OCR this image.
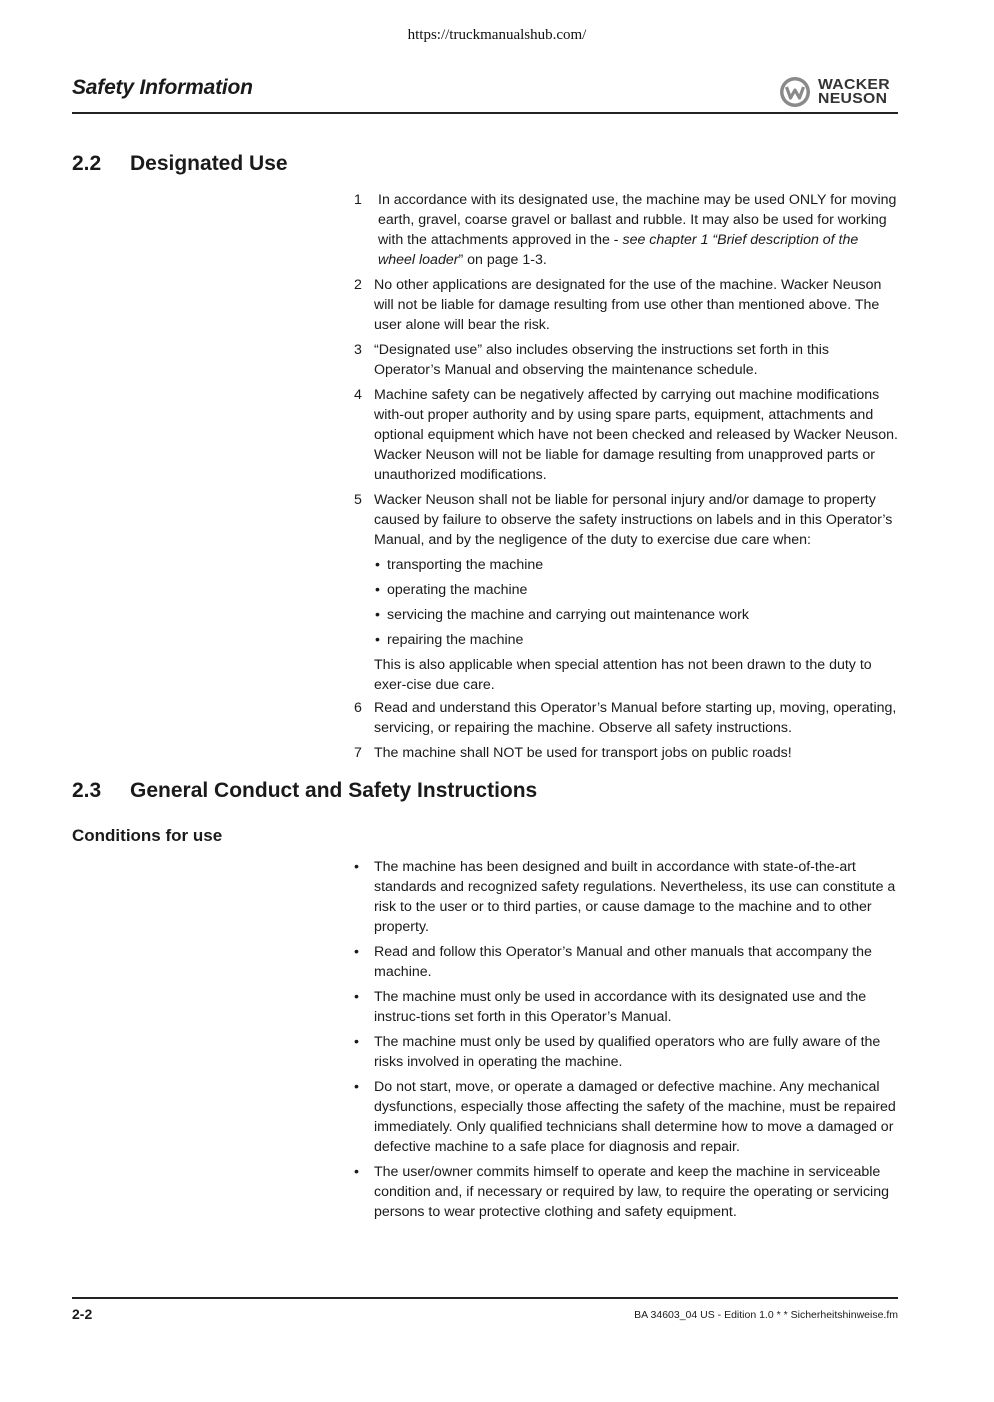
https://truckmanualshub.com/
Safety Information	WACKER
NEUSON
2.2 Designated Use
1	In accordance with its designated use, the machine may be used ONLY for moving earth, gravel, coarse gravel or ballast and rubble. It may also be used for working with the attachments approved in the - see chapter 1 “Brief description of the wheel loader” on page 1-3.
2 No other applications are designated for the use of the machine. Wacker Neuson will not be liable for damage resulting from use other than mentioned above. The user alone will bear the risk.
3 “Designated use” also includes observing the instructions set forth in this Operator’s Manual and observing the maintenance schedule.
4 Machine safety can be negatively affected by carrying out machine modifications with-out proper authority and by using spare parts, equipment, attachments and optional equipment which have not been checked and released by Wacker Neuson. Wacker Neuson will not be liable for damage resulting from unapproved parts or unauthorized modifications.
5 Wacker Neuson shall not be liable for personal injury and/or damage to property caused by failure to observe the safety instructions on labels and in this Operator’s Manual, and by the negligence of the duty to exercise due care when:
• transporting the machine
• operating the machine
• servicing the machine and carrying out maintenance work
• repairing the machine
This is also applicable when special attention has not been drawn to the duty to exer-cise due care.
6 Read and understand this Operator’s Manual before starting up, moving, operating, servicing, or repairing the machine. Observe all safety instructions.
7 The machine shall NOT be used for transport jobs on public roads!
2.3 General Conduct and Safety Instructions
Conditions for use
•	The machine has been designed and built in accordance with state-of-the-art standards and recognized safety regulations. Nevertheless, its use can constitute a risk to the user or to third parties, or cause damage to the machine and to other property.
•	Read and follow this Operator’s Manual and other manuals that accompany the machine.
•	The machine must only be used in accordance with its designated use and the instruc-tions set forth in this Operator’s Manual.
•	The machine must only be used by qualified operators who are fully aware of the risks involved in operating the machine.
•	Do not start, move, or operate a damaged or defective machine. Any mechanical dysfunctions, especially those affecting the safety of the machine, must be repaired immediately. Only qualified technicians shall determine how to move a damaged or defective machine to a safe place for diagnosis and repair.
•	The user/owner commits himself to operate and keep the machine in serviceable condition and, if necessary or required by law, to require the operating or servicing persons to wear protective clothing and safety equipment.
2-2	BA 34603_04 US - Edition 1.0 * * Sicherheitshinweise.fm
